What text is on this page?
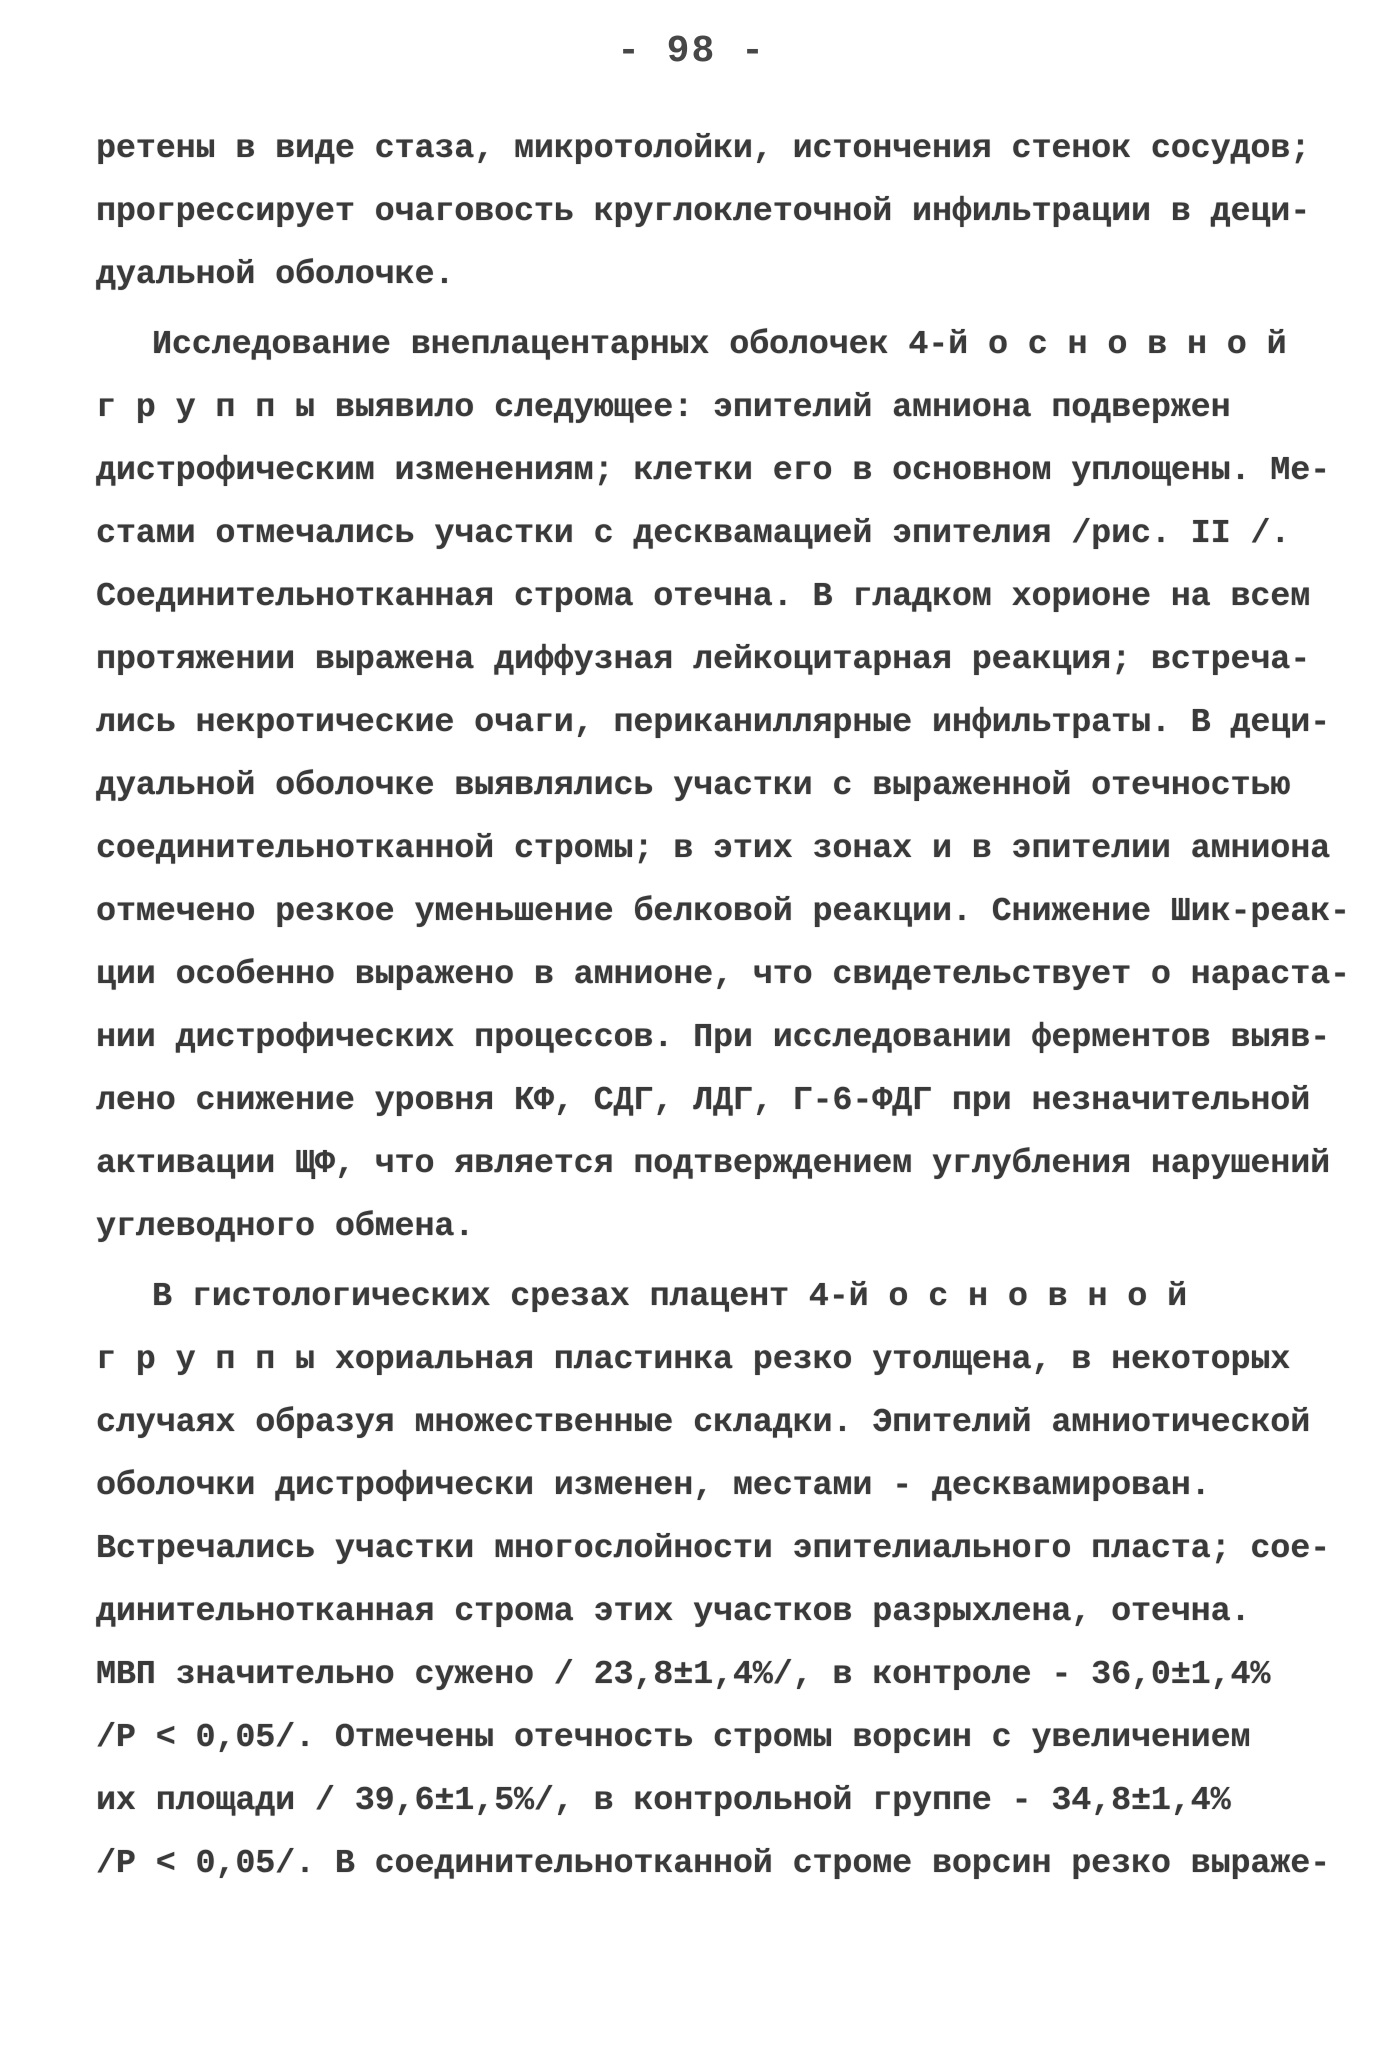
- 98 -
ретены в виде стаза, микротолойки, истончения стенок сосудов;
прогрессирует очаговость круглоклеточной инфильтрации в деци-
дуальной оболочке.
Исследование внеплацентарных оболочек 4-й о с н о в н о й
г р у п п ы выявило следующее: эпителий амниона подвержен
дистрофическим изменениям; клетки его в основном уплощены. Ме-
стами отмечались участки с десквамацией эпителия /рис. II /.
Соединительнотканная строма отечна. В гладком хорионе на всем
протяжении выражена диффузная лейкоцитарная реакция; встреча-
лись некротические очаги, периканиллярные инфильтраты. В деци-
дуальной оболочке выявлялись участки с выраженной отечностью
соединительнотканной стромы; в этих зонах и в эпителии амниона
отмечено резкое уменьшение белковой реакции. Снижение Шик-реак-
ции особенно выражено в амнионе, что свидетельствует о нарастa-
нии дистрофических процессов. При исследовании ферментов выяв-
лено снижение уровня КФ, СДГ, ЛДГ, Г-6-ФДГ при незначительной
активации ЩФ, что является подтверждением углубления нарушений
углеводного обмена.
В гистологических срезах плацент 4-й о с н о в н о й
г р у п п ы хориальная пластинка резко утолщена, в некоторых
случаях образуя множественные складки. Эпителий амниотической
оболочки дистрофически изменен, местами - десквамирован.
Встречались участки многослойности эпителиального пласта; сое-
динительнотканная строма этих участков разрыхлена, отечна.
МВП значительно сужено / 23,8±1,4%/, в контроле - 36,0±1,4%
/Р < 0,05/. Отмечены отечность стромы ворсин с увеличением
их площади / 39,6±1,5%/, в контрольной группе - 34,8±1,4%
/Р < 0,05/. В соединительнотканной строме ворсин резко выраже-
